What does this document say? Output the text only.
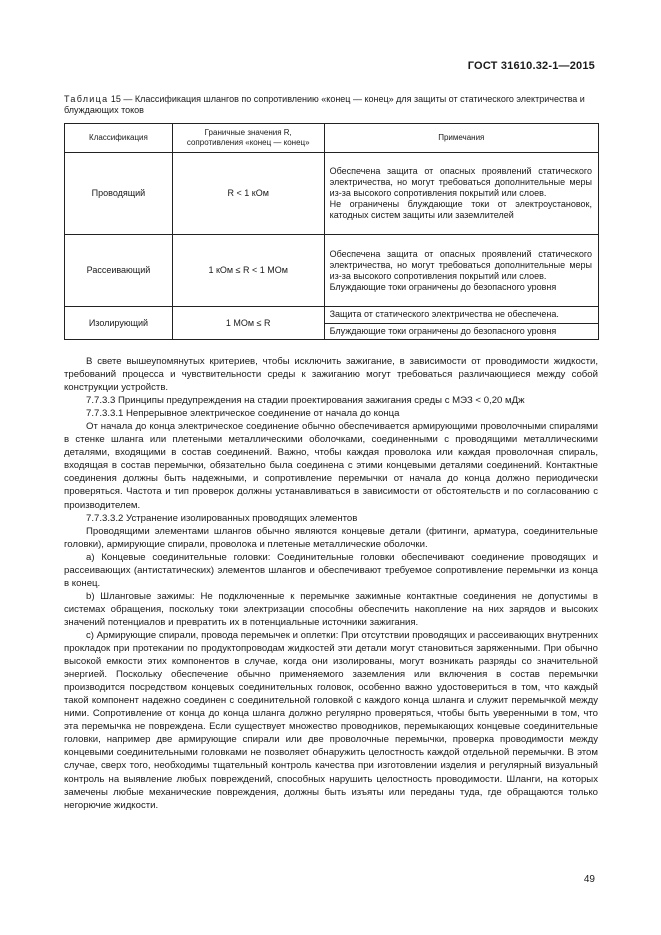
ГОСТ 31610.32-1—2015
Таблица 15 — Классификация шлангов по сопротивлению «конец — конец» для защиты от статического электричества и блуждающих токов
Классификация	Граничные значения R, сопротивления «конец — конец»	Примечания
Проводящий	R < 1 кОм	Обеспечена защита от опасных проявлений статического электричества, но могут требоваться дополнительные меры из-за высокого сопротивления покрытий или слоев.
Не ограничены блуждающие токи от электроустановок, катодных систем защиты или заземлителей

Рассеивающий	1 кОм ≤ R < 1 МОм	Обеспечена защита от опасных проявлений статического электричества, но могут требоваться дополнительные меры из-за высокого сопротивления покрытий или слоев.
Блуждающие токи ограничены до безопасного уровня

Изолирующий	1 МОм ≤ R	Защита от статического электричества не обеспечена.
Блуждающие токи ограничены до безопасного уровня

В свете вышеупомянутых критериев, чтобы исключить зажигание, в зависимости от проводимости жидкости, требований процесса и чувствительности среды к зажиганию могут требоваться различающиеся между собой конструкции устройств.

7.7.3.3 Принципы предупреждения на стадии проектирования зажигания среды с МЭЗ < 0,20 мДж

7.7.3.3.1 Непрерывное электрическое соединение от начала до конца

От начала до конца электрическое соединение обычно обеспечивается армирующими проволочными спиралями в стенке шланга или плетеными металлическими оболочками, соединенными с проводящими металлическими деталями, входящими в состав соединений. Важно, чтобы каждая проволока или каждая проволочная спираль, входящая в состав перемычки, обязательно была соединена с этими концевыми деталями соединений. Контактные соединения должны быть надежными, и сопротивление перемычки от начала до конца должно периодически проверяться. Частота и тип проверок должны устанавливаться в зависимости от обстоятельств и по согласованию с производителем.

7.7.3.3.2 Устранение изолированных проводящих элементов

Проводящими элементами шлангов обычно являются концевые детали (фитинги, арматура, соединительные головки), армирующие спирали, проволока и плетеные металлические оболочки.

a) Концевые соединительные головки: Соединительные головки обеспечивают соединение проводящих и рассеивающих (антистатических) элементов шлангов и обеспечивают требуемое сопротивление перемычки из конца в конец.

b) Шланговые зажимы: Не подключенные к перемычке зажимные контактные соединения не допустимы в системах обращения, поскольку токи электризации способны обеспечить накопление на них зарядов и высоких значений потенциалов и превратить их в потенциальные источники зажигания.

c) Армирующие спирали, провода перемычек и оплетки: При отсутствии проводящих и рассеивающих внутренних прокладок при протекании по продуктопроводам жидкостей эти детали могут становиться заряженными. При обычно высокой емкости этих компонентов в случае, когда они изолированы, могут возникать разряды со значительной энергией. Поскольку обеспечение обычно применяемого заземления или включения в состав перемычки производится посредством концевых соединительных головок, особенно важно удостовериться в том, что каждый такой компонент надежно соединен с соединительной головкой с каждого конца шланга и служит перемычкой между ними. Сопротивление от конца до конца шланга должно регулярно проверяться, чтобы быть уверенными в том, что эта перемычка не повреждена. Если существует множество проводников, перемыкающих концевые соединительные головки, например две армирующие спирали или две проволочные перемычки, проверка проводимости между концевыми соединительными головками не позволяет обнаружить целостность каждой отдельной перемычки. В этом случае, сверх того, необходимы тщательный контроль качества при изготовлении изделия и регулярный визуальный контроль на выявление любых повреждений, способных нарушить целостность проводимости. Шланги, на которых замечены любые механические повреждения, должны быть изъяты или переданы туда, где обращаются только негорючие жидкости.

49
